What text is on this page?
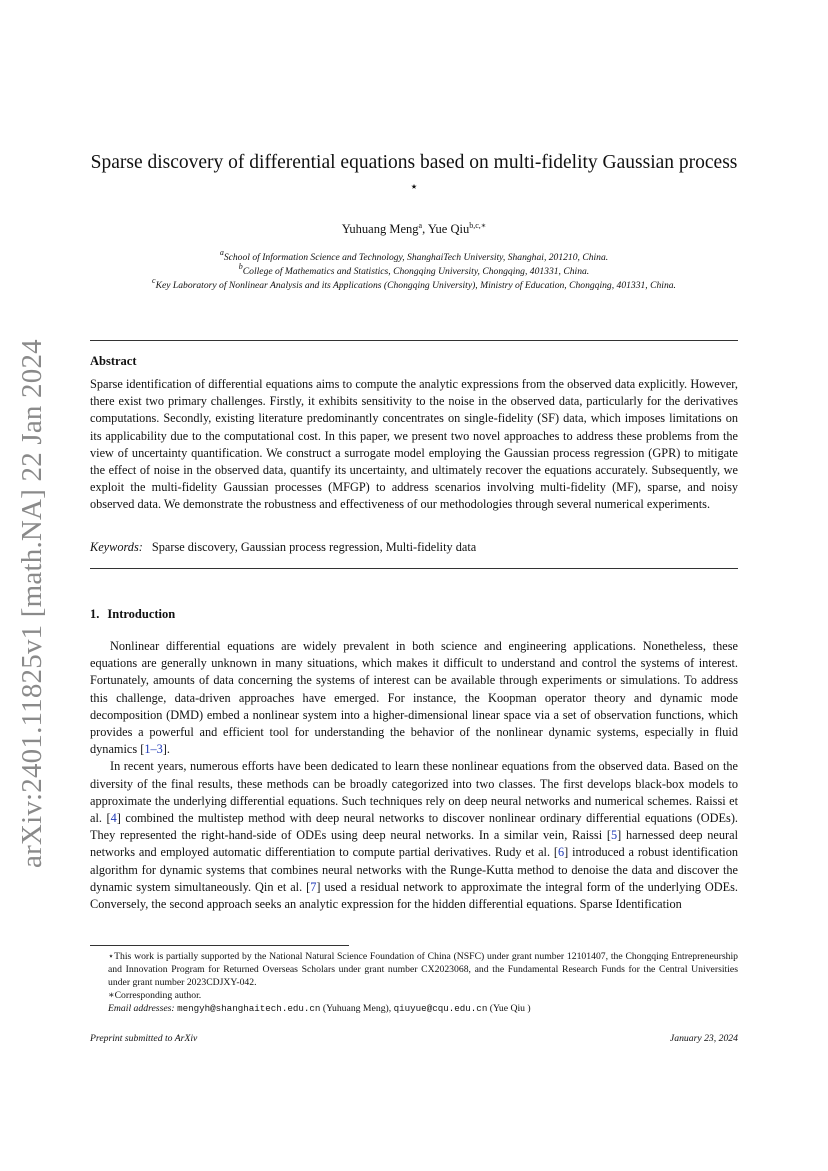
arXiv:2401.11825v1 [math.NA] 22 Jan 2024
Sparse discovery of differential equations based on multi-fidelity Gaussian process ⋆
Yuhuang Meng$^a$, Yue Qiu$^{b,c,∗}$
$^a$School of Information Science and Technology, ShanghaiTech University, Shanghai, 201210, China.
$^b$College of Mathematics and Statistics, Chongqing University, Chongqing, 401331, China.
$^c$Key Laboratory of Nonlinear Analysis and its Applications (Chongqing University), Ministry of Education, Chongqing, 401331, China.
Abstract
Sparse identification of differential equations aims to compute the analytic expressions from the observed data explicitly. However, there exist two primary challenges. Firstly, it exhibits sensitivity to the noise in the observed data, particularly for the derivatives computations. Secondly, existing literature predominantly concentrates on single-fidelity (SF) data, which imposes limitations on its applicability due to the computational cost. In this paper, we present two novel approaches to address these problems from the view of uncertainty quantification. We construct a surrogate model employing the Gaussian process regression (GPR) to mitigate the effect of noise in the observed data, quantify its uncertainty, and ultimately recover the equations accurately. Subsequently, we exploit the multi-fidelity Gaussian processes (MFGP) to address scenarios involving multi-fidelity (MF), sparse, and noisy observed data. We demonstrate the robustness and effectiveness of our methodologies through several numerical experiments.
Keywords: Sparse discovery, Gaussian process regression, Multi-fidelity data
1. Introduction

Nonlinear differential equations are widely prevalent in both science and engineering applications. Nonetheless, these equations are generally unknown in many situations, which makes it difficult to understand and control the systems of interest. Fortunately, amounts of data concerning the systems of interest can be available through experiments or simulations. To address this challenge, data-driven approaches have emerged. For instance, the Koopman operator theory and dynamic mode decomposition (DMD) embed a nonlinear system into a higher-dimensional linear space via a set of observation functions, which provides a powerful and efficient tool for understanding the behavior of the nonlinear dynamic systems, especially in fluid dynamics [1–3].

In recent years, numerous efforts have been dedicated to learn these nonlinear equations from the observed data. Based on the diversity of the final results, these methods can be broadly categorized into two classes. The first develops black-box models to approximate the underlying differential equations. Such techniques rely on deep neural networks and numerical schemes. Raissi et al. [4] combined the multistep method with deep neural networks to discover nonlinear ordinary differential equations (ODEs). They represented the right-hand-side of ODEs using deep neural networks. In a similar vein, Raissi [5] harnessed deep neural networks and employed automatic differentiation to compute partial derivatives. Rudy et al. [6] introduced a robust identification algorithm for dynamic systems that combines neural networks with the Runge-Kutta method to denoise the data and discover the dynamic system simultaneously. Qin et al. [7] used a residual network to approximate the integral form of the underlying ODEs. Conversely, the second approach seeks an analytic expression for the hidden differential equations. Sparse Identification

⋆This work is partially supported by the National Natural Science Foundation of China (NSFC) under grant number 12101407, the Chongqing Entrepreneurship and Innovation Program for Returned Overseas Scholars under grant number CX2023068, and the Fundamental Research Funds for the Central Universities under grant number 2023CDJXY-042.

∗Corresponding author.

Email addresses: mengyh@shanghaitech.edu.cn (Yuhuang Meng), qiuyue@cqu.edu.cn (Yue Qiu )

Preprint submitted to ArXiv	January 23, 2024
